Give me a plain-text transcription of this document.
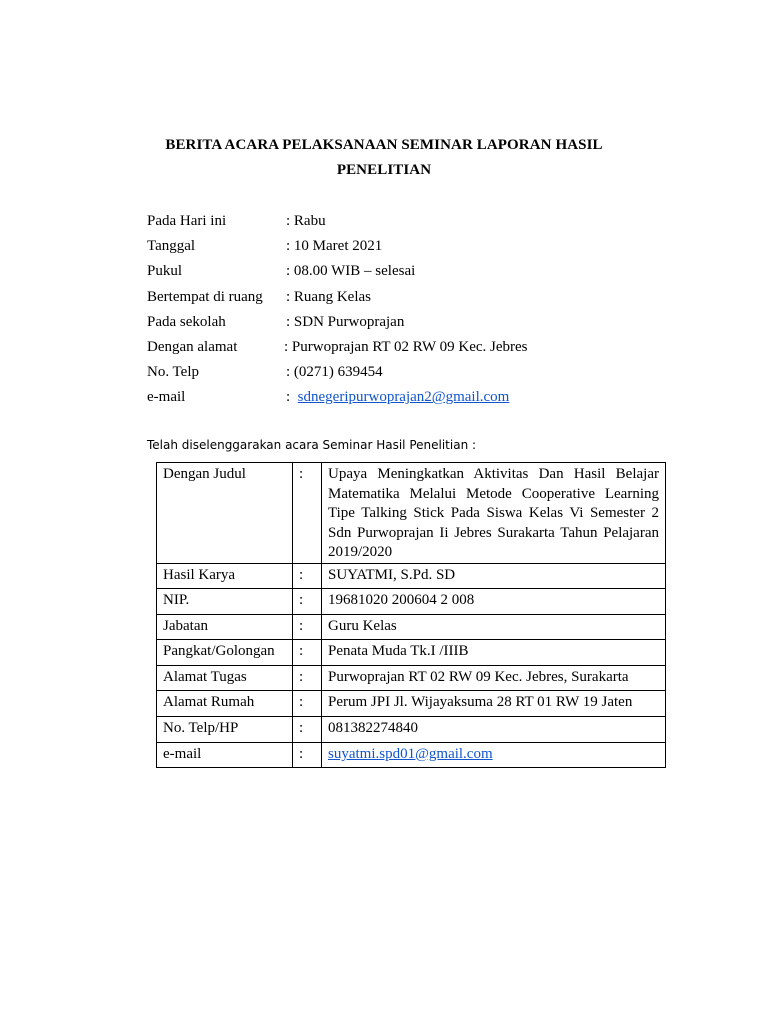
BERITA ACARA PELAKSANAAN SEMINAR LAPORAN HASIL
PENELITIAN
Pada Hari ini	: Rabu
Tanggal	: 10 Maret 2021
Pukul	: 08.00 WIB – selesai
Bertempat di ruang : Ruang Kelas
Pada sekolah	: SDN Purwoprajan
Dengan alamat	: Purwoprajan RT 02 RW 09 Kec. Jebres
No. Telp	: (0271) 639454
e-mail	: sdnegeripurwoprajan2@gmail.com
Telah diselenggarakan acara Seminar Hasil Penelitian :
Dengan Judul	:	Upaya Meningkatkan Aktivitas Dan Hasil Belajar Matematika Melalui Metode Cooperative Learning Tipe Talking Stick Pada Siswa Kelas Vi Semester 2 Sdn Purwoprajan Ii Jebres Surakarta Tahun Pelajaran 2019/2020
Hasil Karya	:	SUYATMI, S.Pd. SD
NIP.	:	19681020 200604 2 008
Jabatan	:	Guru Kelas
Pangkat/Golongan	:	Penata Muda Tk.I /IIIB
Alamat Tugas	:	Purwoprajan RT 02 RW 09 Kec. Jebres, Surakarta
Alamat Rumah	:	Perum JPI Jl. Wijayaksuma 28 RT 01 RW 19 Jaten
No. Telp/HP	:	081382274840
e-mail	:	suyatmi.spd01@gmail.com
